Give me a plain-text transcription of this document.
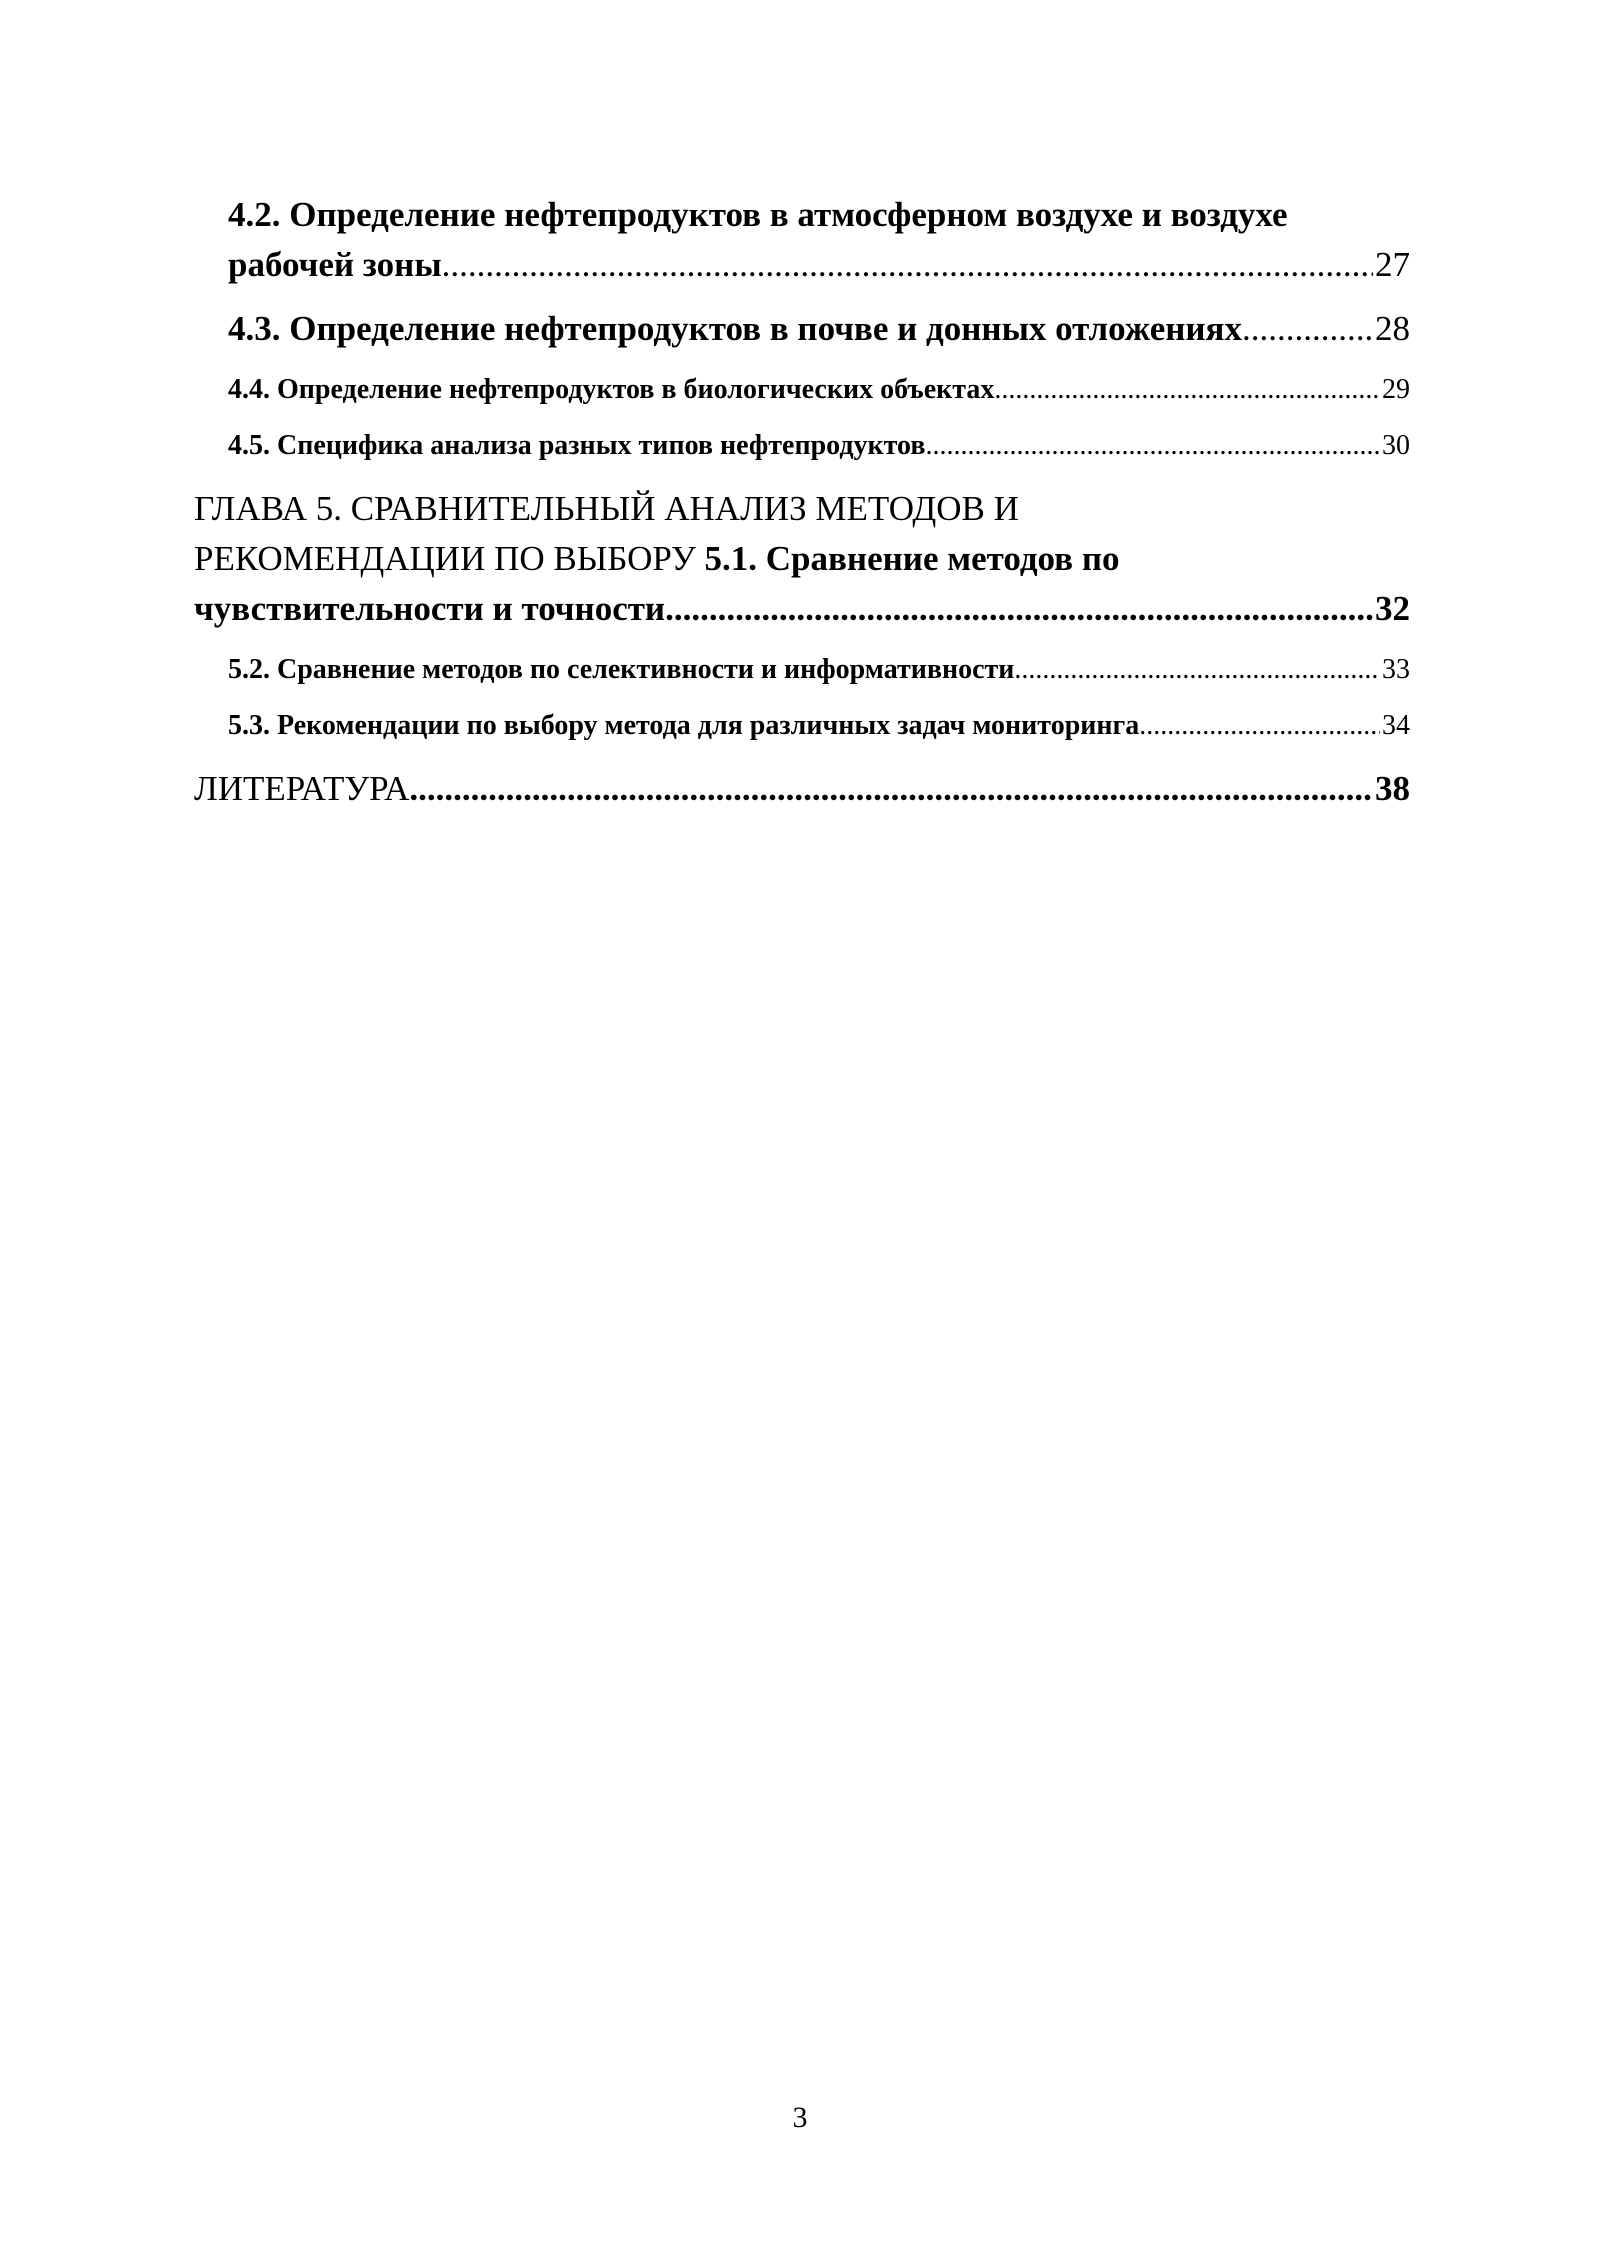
4.2. Определение нефтепродуктов в атмосферном воздухе и воздухе
рабочей зоны .....	27
4.3. Определение нефтепродуктов в почве и донных отложениях .....	28
4.4. Определение нефтепродуктов в биологических объектах .....	29
4.5. Специфика анализа разных типов нефтепродуктов .....	30
ГЛАВА 5. СРАВНИТЕЛЬНЫЙ АНАЛИЗ МЕТОДОВ И
РЕКОМЕНДАЦИИ ПО ВЫБОРУ 5.1. Сравнение методов по
чувствительности и точности .....	32
5.2. Сравнение методов по селективности и информативности .....	33
5.3. Рекомендации по выбору метода для различных задач мониторинга .....	34
ЛИТЕРАТУРА .....	38
3
